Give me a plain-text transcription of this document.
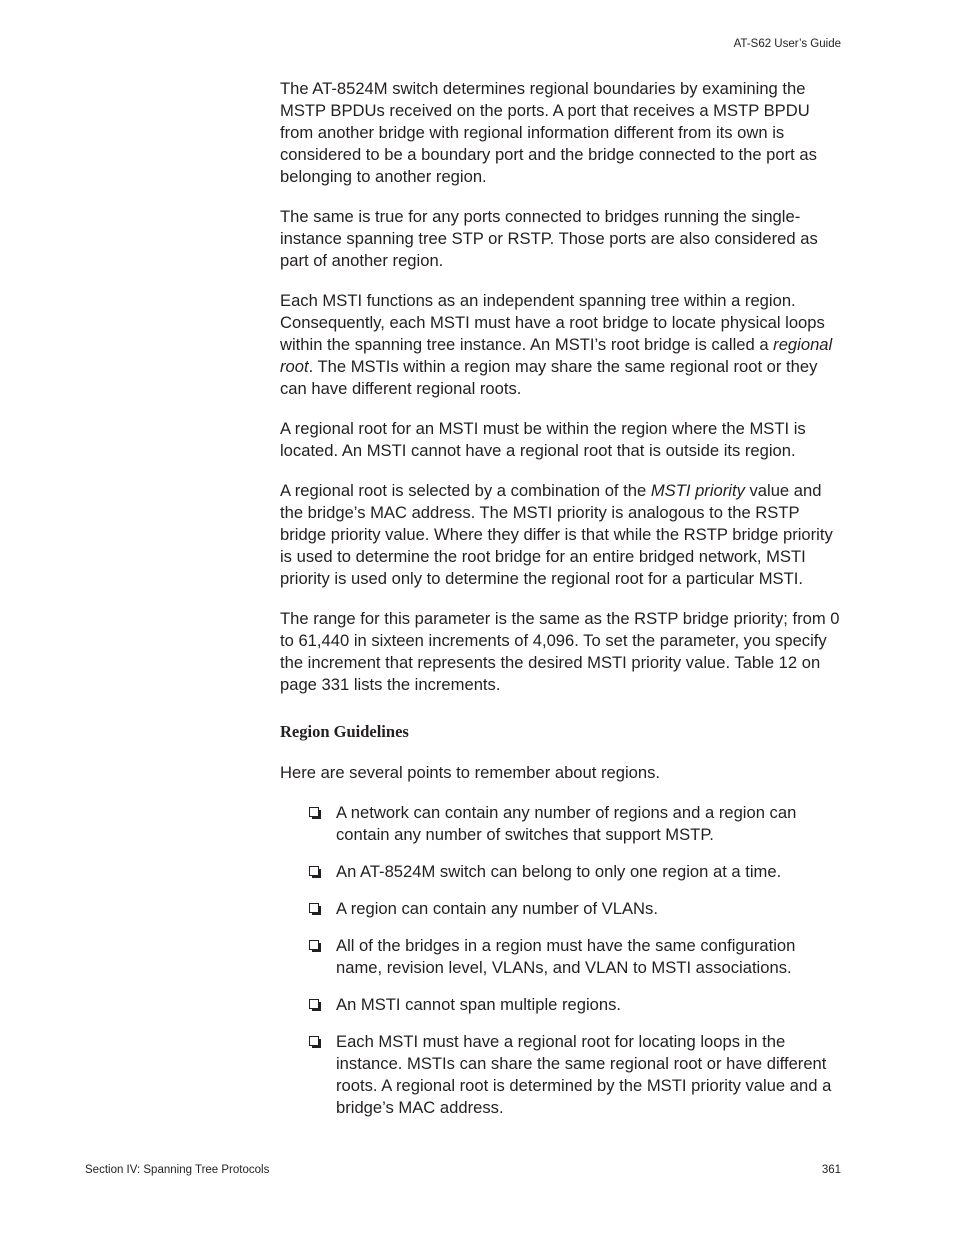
AT-S62 User’s Guide

The AT-8524M switch determines regional boundaries by examining the MSTP BPDUs received on the ports. A port that receives a MSTP BPDU from another bridge with regional information different from its own is considered to be a boundary port and the bridge connected to the port as belonging to another region.

The same is true for any ports connected to bridges running the single-instance spanning tree STP or RSTP. Those ports are also considered as part of another region.

Each MSTI functions as an independent spanning tree within a region. Consequently, each MSTI must have a root bridge to locate physical loops within the spanning tree instance. An MSTI’s root bridge is called a regional root. The MSTIs within a region may share the same regional root or they can have different regional roots.

A regional root for an MSTI must be within the region where the MSTI is located. An MSTI cannot have a regional root that is outside its region.

A regional root is selected by a combination of the MSTI priority value and the bridge’s MAC address. The MSTI priority is analogous to the RSTP bridge priority value. Where they differ is that while the RSTP bridge priority is used to determine the root bridge for an entire bridged network, MSTI priority is used only to determine the regional root for a particular MSTI.

The range for this parameter is the same as the RSTP bridge priority; from 0 to 61,440 in sixteen increments of 4,096. To set the parameter, you specify the increment that represents the desired MSTI priority value. Table 12 on page 331 lists the increments.

Region Guidelines

Here are several points to remember about regions.

A network can contain any number of regions and a region can contain any number of switches that support MSTP.
An AT-8524M switch can belong to only one region at a time.
A region can contain any number of VLANs.
All of the bridges in a region must have the same configuration name, revision level, VLANs, and VLAN to MSTI associations.
An MSTI cannot span multiple regions.
Each MSTI must have a regional root for locating loops in the instance. MSTIs can share the same regional root or have different roots. A regional root is determined by the MSTI priority value and a bridge’s MAC address.
Section IV: Spanning Tree Protocols	361
